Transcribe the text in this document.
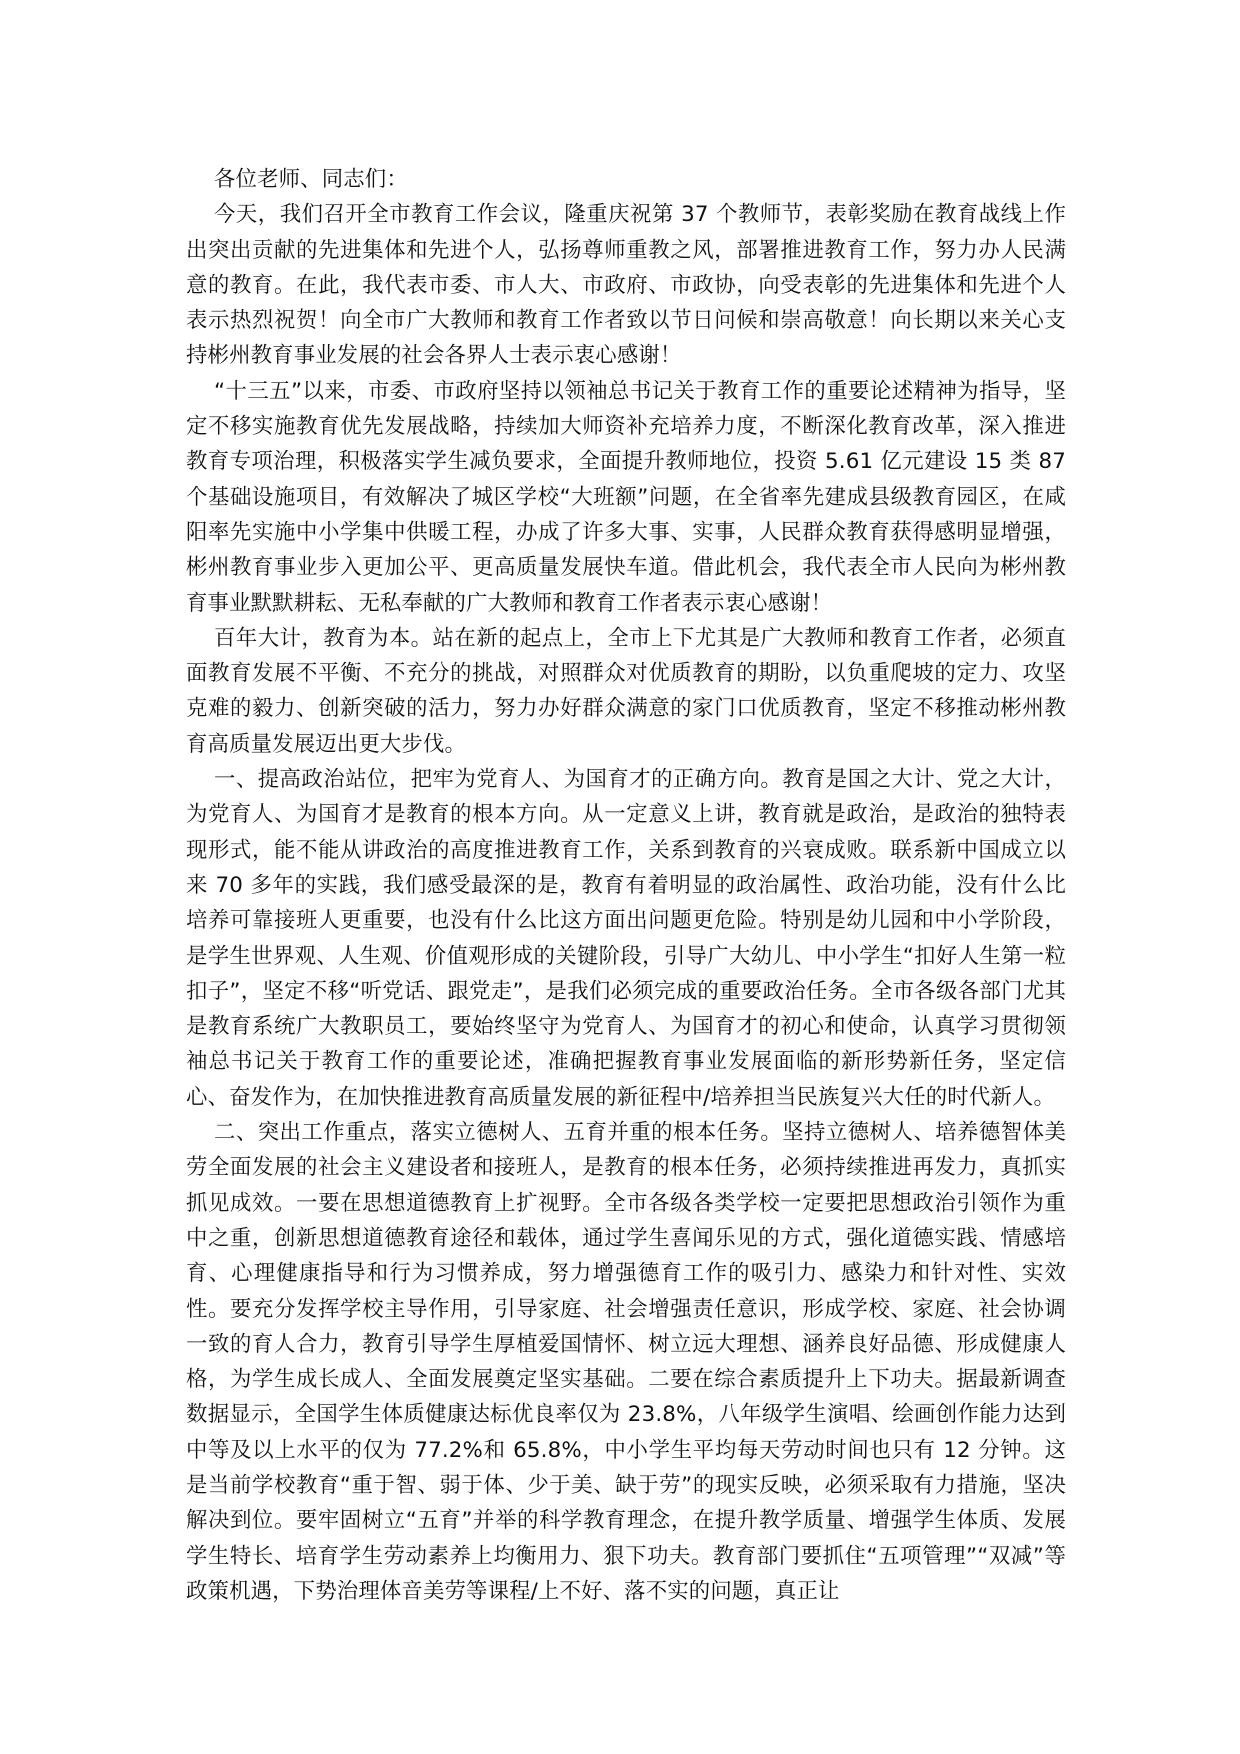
各位老师、同志们：

今天，我们召开全市教育工作会议，隆重庆祝第 37 个教师节，表彰奖励在教育战线上作出突出贡献的先进集体和先进个人，弘扬尊师重教之风，部署推进教育工作，努力办人民满意的教育。在此，我代表市委、市人大、市政府、市政协，向受表彰的先进集体和先进个人表示热烈祝贺！向全市广大教师和教育工作者致以节日问候和崇高敬意！向长期以来关心支持彬州教育事业发展的社会各界人士表示衷心感谢！

“十三五”以来，市委、市政府坚持以领袖总书记关于教育工作的重要论述精神为指导，坚定不移实施教育优先发展战略，持续加大师资补充培养力度，不断深化教育改革，深入推进教育专项治理，积极落实学生减负要求，全面提升教师地位，投资 5.61 亿元建设 15 类 87 个基础设施项目，有效解决了城区学校“大班额”问题，在全省率先建成县级教育园区，在咸阳率先实施中小学集中供暖工程，办成了许多大事、实事，人民群众教育获得感明显增强，彬州教育事业步入更加公平、更高质量发展快车道。借此机会，我代表全市人民向为彬州教育事业默默耕耘、无私奉献的广大教师和教育工作者表示衷心感谢！

百年大计，教育为本。站在新的起点上，全市上下尤其是广大教师和教育工作者，必须直面教育发展不平衡、不充分的挑战，对照群众对优质教育的期盼，以负重爬坡的定力、攻坚克难的毅力、创新突破的活力，努力办好群众满意的家门口优质教育，坚定不移推动彬州教育高质量发展迈出更大步伐。

一、提高政治站位，把牢为党育人、为国育才的正确方向。教育是国之大计、党之大计，为党育人、为国育才是教育的根本方向。从一定意义上讲，教育就是政治，是政治的独特表现形式，能不能从讲政治的高度推进教育工作，关系到教育的兴衰成败。联系新中国成立以来 70 多年的实践，我们感受最深的是，教育有着明显的政治属性、政治功能，没有什么比培养可靠接班人更重要，也没有什么比这方面出问题更危险。特别是幼儿园和中小学阶段，是学生世界观、人生观、价值观形成的关键阶段，引导广大幼儿、中小学生“扣好人生第一粒扣子”，坚定不移“听党话、跟党走”，是我们必须完成的重要政治任务。全市各级各部门尤其是教育系统广大教职员工，要始终坚守为党育人、为国育才的初心和使命，认真学习贯彻领袖总书记关于教育工作的重要论述，准确把握教育事业发展面临的新形势新任务，坚定信心、奋发作为，在加快推进教育高质量发展的新征程中/培养担当民族复兴大任的时代新人。

二、突出工作重点，落实立德树人、五育并重的根本任务。坚持立德树人、培养德智体美劳全面发展的社会主义建设者和接班人，是教育的根本任务，必须持续推进再发力，真抓实抓见成效。一要在思想道德教育上扩视野。全市各级各类学校一定要把思想政治引领作为重中之重，创新思想道德教育途径和载体，通过学生喜闻乐见的方式，强化道德实践、情感培育、心理健康指导和行为习惯养成，努力增强德育工作的吸引力、感染力和针对性、实效性。要充分发挥学校主导作用，引导家庭、社会增强责任意识，形成学校、家庭、社会协调一致的育人合力，教育引导学生厚植爱国情怀、树立远大理想、涵养良好品德、形成健康人格，为学生成长成人、全面发展奠定坚实基础。二要在综合素质提升上下功夫。据最新调查数据显示，全国学生体质健康达标优良率仅为 23.8%，八年级学生演唱、绘画创作能力达到中等及以上水平的仅为 77.2%和 65.8%，中小学生平均每天劳动时间也只有 12 分钟。这是当前学校教育“重于智、弱于体、少于美、缺于劳”的现实反映，必须采取有力措施，坚决解决到位。要牢固树立“五育”并举的科学教育理念，在提升教学质量、增强学生体质、发展学生特长、培育学生劳动素养上均衡用力、狠下功夫。教育部门要抓住“五项管理”“双减”等政策机遇，下势治理体音美劳等课程/上不好、落不实的问题，真正让
